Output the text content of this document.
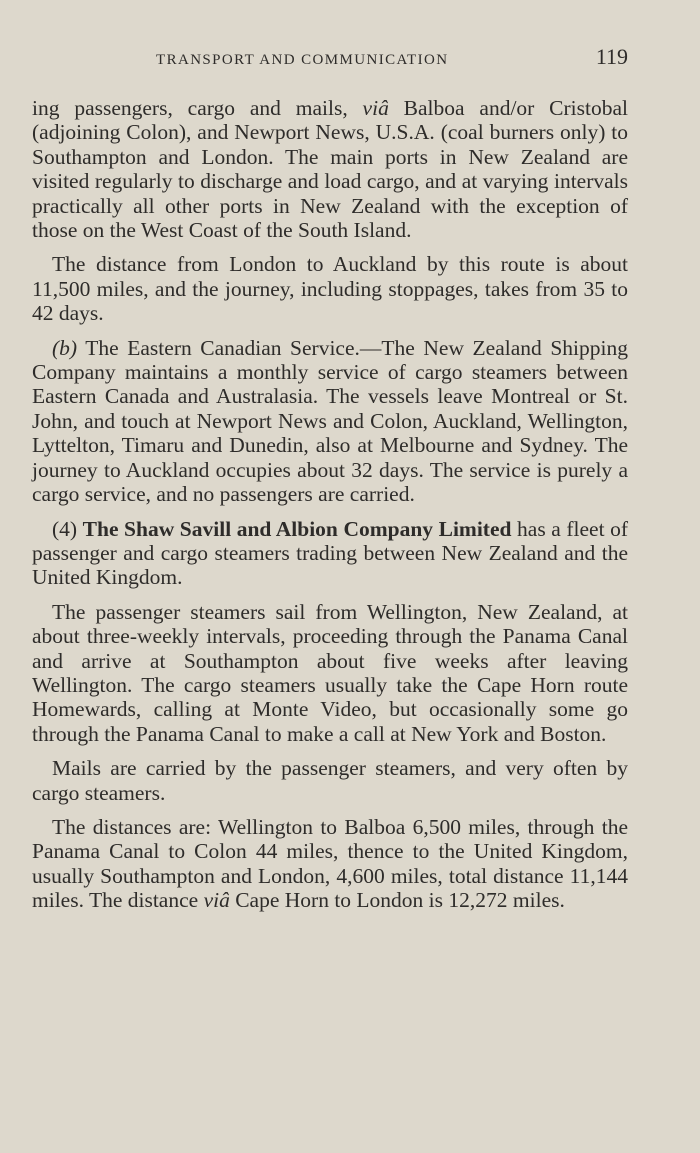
TRANSPORT AND COMMUNICATION	119

ing passengers, cargo and mails, viâ Balboa and/or Cristobal (adjoining Colon), and Newport News, U.S.A. (coal burners only) to Southampton and London. The main ports in New Zealand are visited regularly to discharge and load cargo, and at varying intervals practically all other ports in New Zealand with the exception of those on the West Coast of the South Island.

The distance from London to Auckland by this route is about 11,500 miles, and the journey, including stoppages, takes from 35 to 42 days.

(b) The Eastern Canadian Service.—The New Zealand Shipping Company maintains a monthly service of cargo steamers between Eastern Canada and Australasia. The vessels leave Montreal or St. John, and touch at Newport News and Colon, Auckland, Wellington, Lyttelton, Timaru and Dunedin, also at Melbourne and Sydney. The journey to Auckland occupies about 32 days. The service is purely a cargo service, and no passengers are carried.

(4) The Shaw Savill and Albion Company Limited has a fleet of passenger and cargo steamers trading between New Zealand and the United Kingdom.

The passenger steamers sail from Wellington, New Zealand, at about three-weekly intervals, proceeding through the Panama Canal and arrive at Southampton about five weeks after leaving Wellington. The cargo steamers usually take the Cape Horn route Homewards, calling at Monte Video, but occasionally some go through the Panama Canal to make a call at New York and Boston.

Mails are carried by the passenger steamers, and very often by cargo steamers.

The distances are: Wellington to Balboa 6,500 miles, through the Panama Canal to Colon 44 miles, thence to the United Kingdom, usually Southampton and London, 4,600 miles, total distance 11,144 miles. The distance viâ Cape Horn to London is 12,272 miles.
